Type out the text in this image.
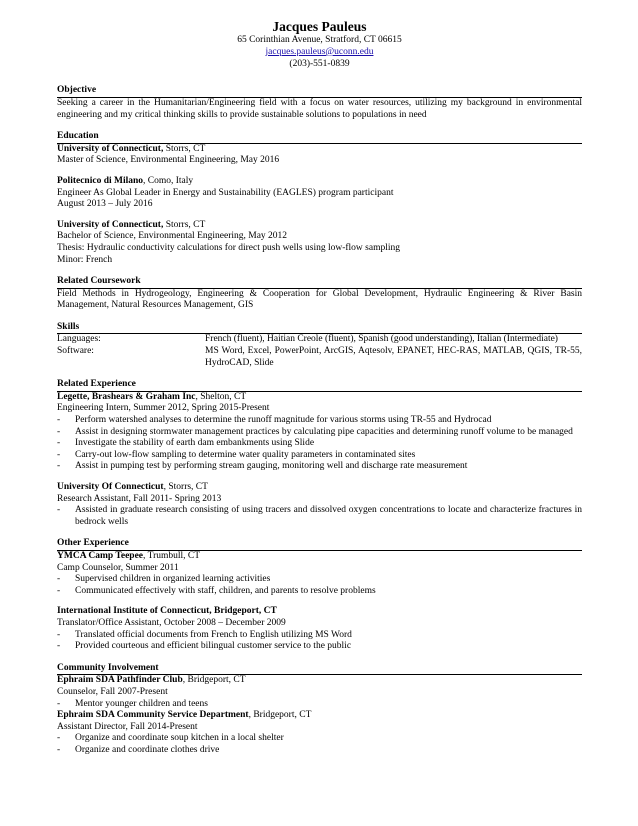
Jacques Pauleus
65 Corinthian Avenue, Stratford, CT 06615
jacques.pauleus@uconn.edu
(203)-551-0839
Objective
Seeking a career in the Humanitarian/Engineering field with a focus on water resources, utilizing my background in environmental engineering and my critical thinking skills to provide sustainable solutions to populations in need
Education
University of Connecticut, Storrs, CT
Master of Science, Environmental Engineering, May 2016
Politecnico di Milano, Como, Italy
Engineer As Global Leader in Energy and Sustainability (EAGLES) program participant
August 2013 – July 2016
University of Connecticut, Storrs, CT
Bachelor of Science, Environmental Engineering, May 2012
Thesis: Hydraulic conductivity calculations for direct push wells using low-flow sampling
Minor: French
Related Coursework
Field Methods in Hydrogeology, Engineering & Cooperation for Global Development, Hydraulic Engineering & River Basin Management, Natural Resources Management, GIS
Skills
Languages:	French (fluent), Haitian Creole (fluent), Spanish (good understanding), Italian (Intermediate)
Software:	MS Word, Excel, PowerPoint, ArcGIS, Aqtesolv, EPANET, HEC-RAS, MATLAB, QGIS, TR-55, HydroCAD, Slide
Related Experience
Legette, Brashears & Graham Inc, Shelton, CT
Engineering Intern, Summer 2012, Spring 2015-Present
-	Perform watershed analyses to determine the runoff magnitude for various storms using TR-55 and Hydrocad
-	Assist in designing stormwater management practices by calculating pipe capacities and determining runoff volume to be managed
-	Investigate the stability of earth dam embankments using Slide
-	Carry-out low-flow sampling to determine water quality parameters in contaminated sites
-	Assist in pumping test by performing stream gauging, monitoring well and discharge rate measurement
University Of Connecticut, Storrs, CT
Research Assistant, Fall 2011- Spring 2013
-	Assisted in graduate research consisting of using tracers and dissolved oxygen concentrations to locate and characterize fractures in bedrock wells
Other Experience
YMCA Camp Teepee, Trumbull, CT
Camp Counselor, Summer 2011
-	Supervised children in organized learning activities
-	Communicated effectively with staff, children, and parents to resolve problems
International Institute of Connecticut, Bridgeport, CT
Translator/Office Assistant, October 2008 – December 2009
-	Translated official documents from French to English utilizing MS Word
-	Provided courteous and efficient bilingual customer service to the public
Community Involvement
Ephraim SDA Pathfinder Club, Bridgeport, CT
Counselor, Fall 2007-Present
-	Mentor younger children and teens
Ephraim SDA Community Service Department, Bridgeport, CT
Assistant Director, Fall 2014-Present
-	Organize and coordinate soup kitchen in a local shelter
-	Organize and coordinate clothes drive
